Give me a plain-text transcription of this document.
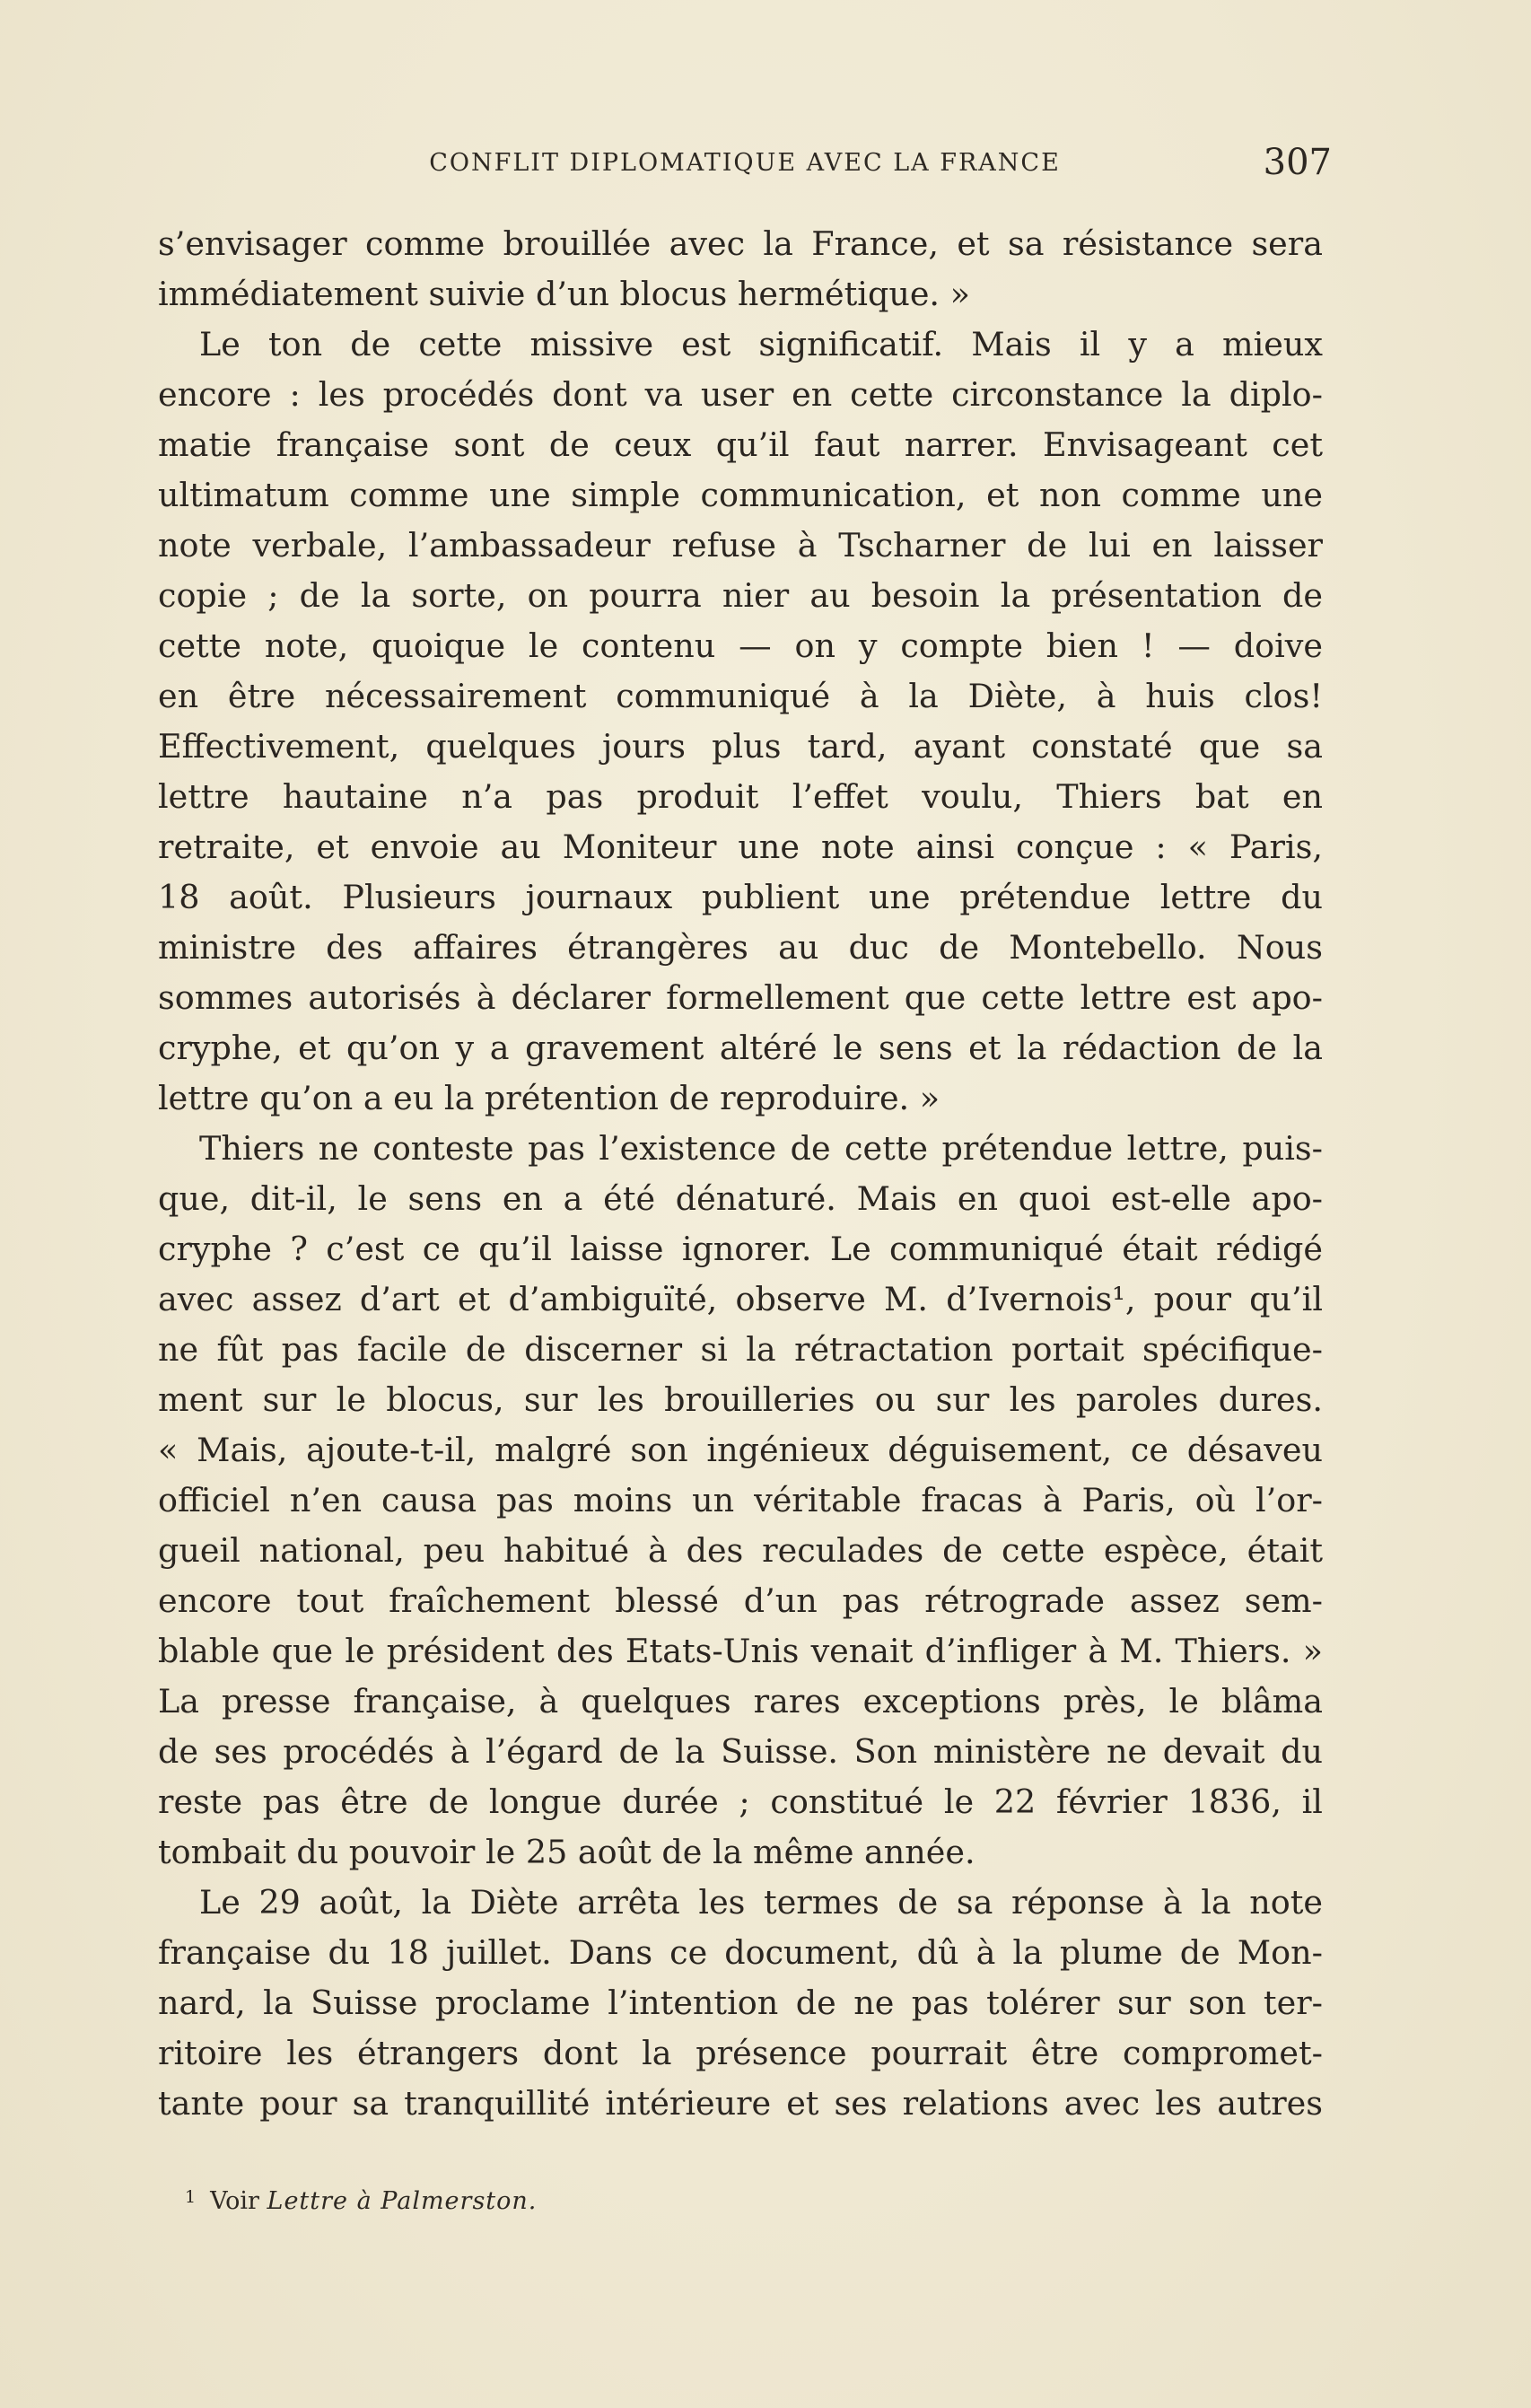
CONFLIT DIPLOMATIQUE AVEC LA FRANCE	307
s’envisager comme brouillée avec la France, et sa résistance sera
immédiatement suivie d’un blocus hermétique. »
Le ton de cette missive est significatif. Mais il y a mieux
encore : les procédés dont va user en cette circonstance la diplo-
matie française sont de ceux qu’il faut narrer. Envisageant cet
ultimatum comme une simple communication, et non comme une
note verbale, l’ambassadeur refuse à Tscharner de lui en laisser
copie ; de la sorte, on pourra nier au besoin la présentation de
cette note, quoique le contenu — on y compte bien ! — doive
en être nécessairement communiqué à la Diète, à huis clos!
Effectivement, quelques jours plus tard, ayant constaté que sa
lettre hautaine n’a pas produit l’effet voulu, Thiers bat en
retraite, et envoie au Moniteur une note ainsi conçue : « Paris,
18 août. Plusieurs journaux publient une prétendue lettre du
ministre des affaires étrangères au duc de Montebello. Nous
sommes autorisés à déclarer formellement que cette lettre est apo-
cryphe, et qu’on y a gravement altéré le sens et la rédaction de la
lettre qu’on a eu la prétention de reproduire. »
Thiers ne conteste pas l’existence de cette prétendue lettre, puis-
que, dit-il, le sens en a été dénaturé. Mais en quoi est-elle apo-
cryphe ? c’est ce qu’il laisse ignorer. Le communiqué était rédigé
avec assez d’art et d’ambiguïté, observe M. d’Ivernois¹, pour qu’il
ne fût pas facile de discerner si la rétractation portait spécifique-
ment sur le blocus, sur les brouilleries ou sur les paroles dures.
« Mais, ajoute-t-il, malgré son ingénieux déguisement, ce désaveu
officiel n’en causa pas moins un véritable fracas à Paris, où l’or-
gueil national, peu habitué à des reculades de cette espèce, était
encore tout fraîchement blessé d’un pas rétrograde assez sem-
blable que le président des Etats-Unis venait d’infliger à M. Thiers. »
La presse française, à quelques rares exceptions près, le blâma
de ses procédés à l’égard de la Suisse. Son ministère ne devait du
reste pas être de longue durée ; constitué le 22 février 1836, il
tombait du pouvoir le 25 août de la même année.
Le 29 août, la Diète arrêta les termes de sa réponse à la note
française du 18 juillet. Dans ce document, dû à la plume de Mon-
nard, la Suisse proclame l’intention de ne pas tolérer sur son ter-
ritoire les étrangers dont la présence pourrait être compromet-
tante pour sa tranquillité intérieure et ses relations avec les autres
$^1$ Voir Lettre à Palmerston.
